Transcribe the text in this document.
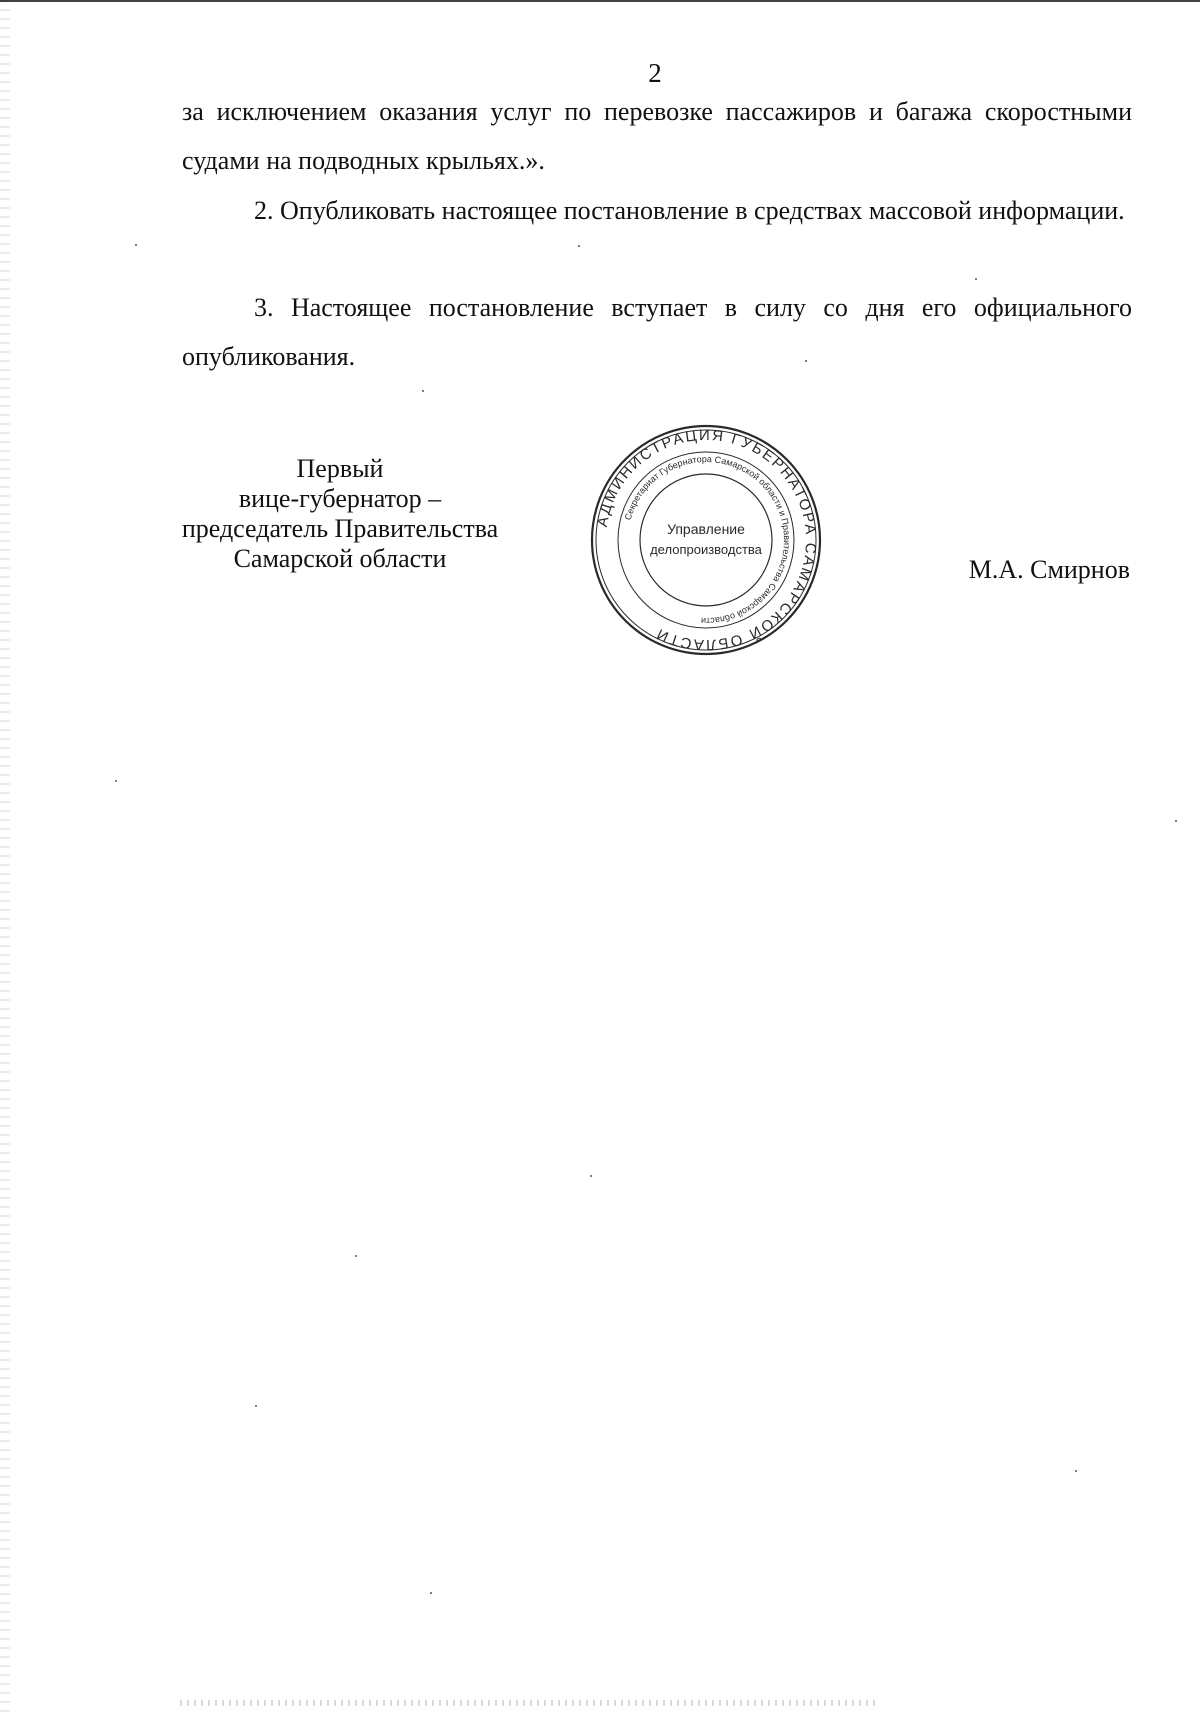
2

за исключением оказания услуг по перевозке пассажиров и багажа скоростными судами на подводных крыльях.».

2. Опубликовать настоящее постановление в средствах массовой информации.

3. Настоящее постановление вступает в силу со дня его официального опубликования.

Первый
вице-губернатор –
председатель Правительства
Самарской области
АДМИНИСТРАЦИЯ ГУБЕРНАТОРА САМАРСКОЙ ОБЛАСТИ
Секретариат Губернатора Самарской области и Правительства Самарской области
Управление
делопроизводства
М.А. Смирнов
